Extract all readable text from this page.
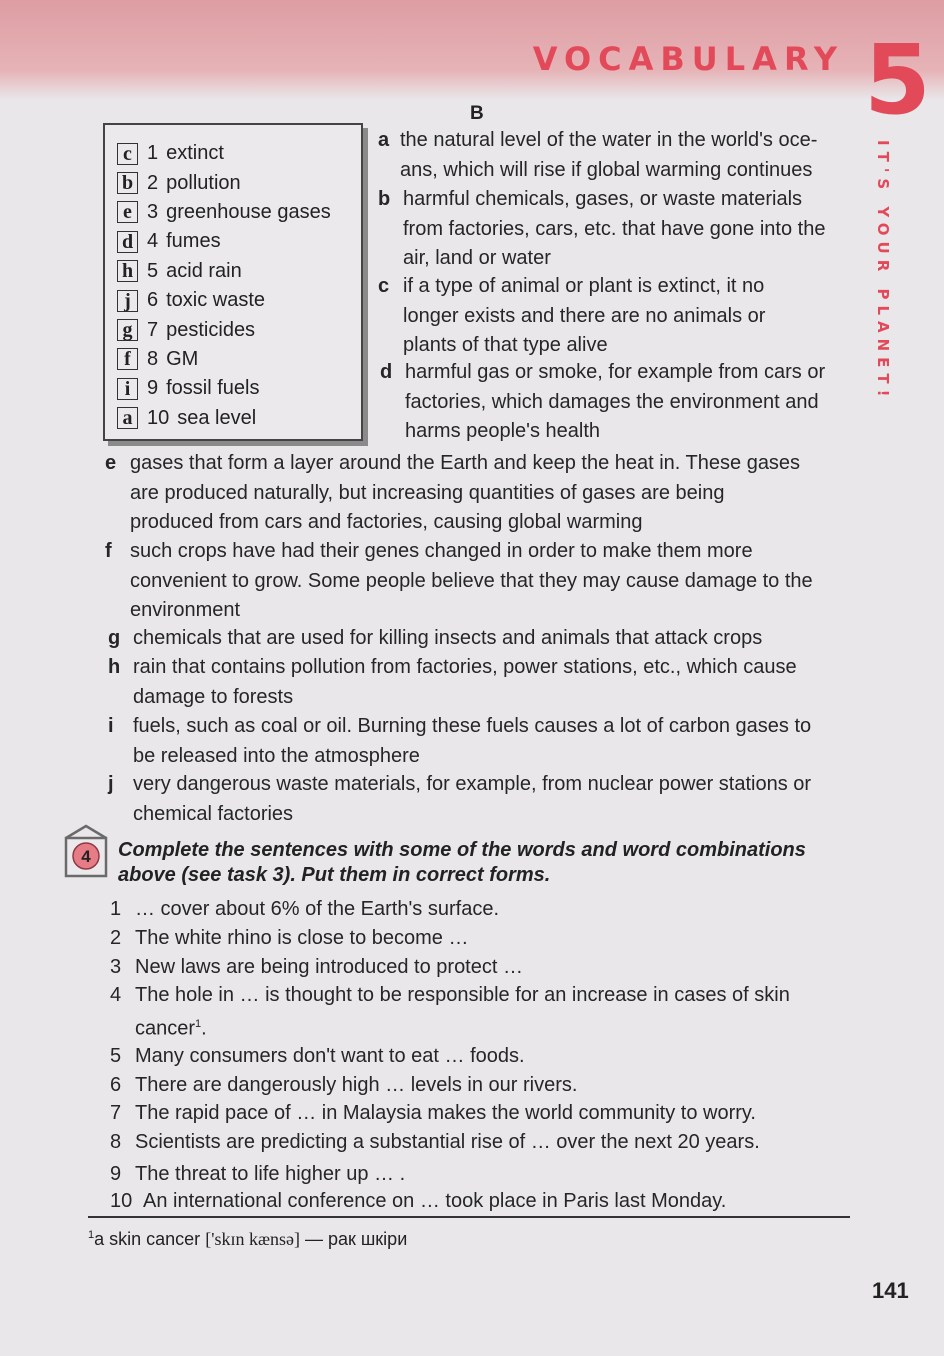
VOCABULARY 5
IT'S YOUR PLANET!
B
c 1 extinct
b 2 pollution
e 3 greenhouse gases
d 4 fumes
h 5 acid rain
j 6 toxic waste
g 7 pesticides
f 8 GM
i 9 fossil fuels
a 10 sea level
a the natural level of the water in the world's oce-ans, which will rise if global warming continues
b harmful chemicals, gases, or waste materials from factories, cars, etc. that have gone into the air, land or water
c if a type of animal or plant is extinct, it no longer exists and there are no animals or plants of that type alive
d harmful gas or smoke, for example from cars or factories, which damages the environment and harms people's health
e gases that form a layer around the Earth and keep the heat in. These gases are produced naturally, but increasing quantities of gases are being produced from cars and factories, causing global warming
f such crops have had their genes changed in order to make them more convenient to grow. Some people believe that they may cause damage to the environment
g chemicals that are used for killing insects and animals that attack crops
h rain that contains pollution from factories, power stations, etc., which cause damage to forests
i fuels, such as coal or oil. Burning these fuels causes a lot of carbon gases to be released into the atmosphere
j very dangerous waste materials, for example, from nuclear power stations or chemical factories
4 Complete the sentences with some of the words and word combinations above (see task 3). Put them in correct forms.
1 … cover about 6% of the Earth's surface.
2 The white rhino is close to become …
3 New laws are being introduced to protect …
4 The hole in … is thought to be responsible for an increase in cases of skin cancer$^1$.
5 Many consumers don't want to eat … foods.
6 There are dangerously high … levels in our rivers.
7 The rapid pace of … in Malaysia makes the world community to worry.
8 Scientists are predicting a substantial rise of … over the next 20 years.
9 The threat to life higher up … .
10 An international conference on … took place in Paris last Monday.
$^1$a skin cancer ['skɪn kænsə] — рак шкіри
141
